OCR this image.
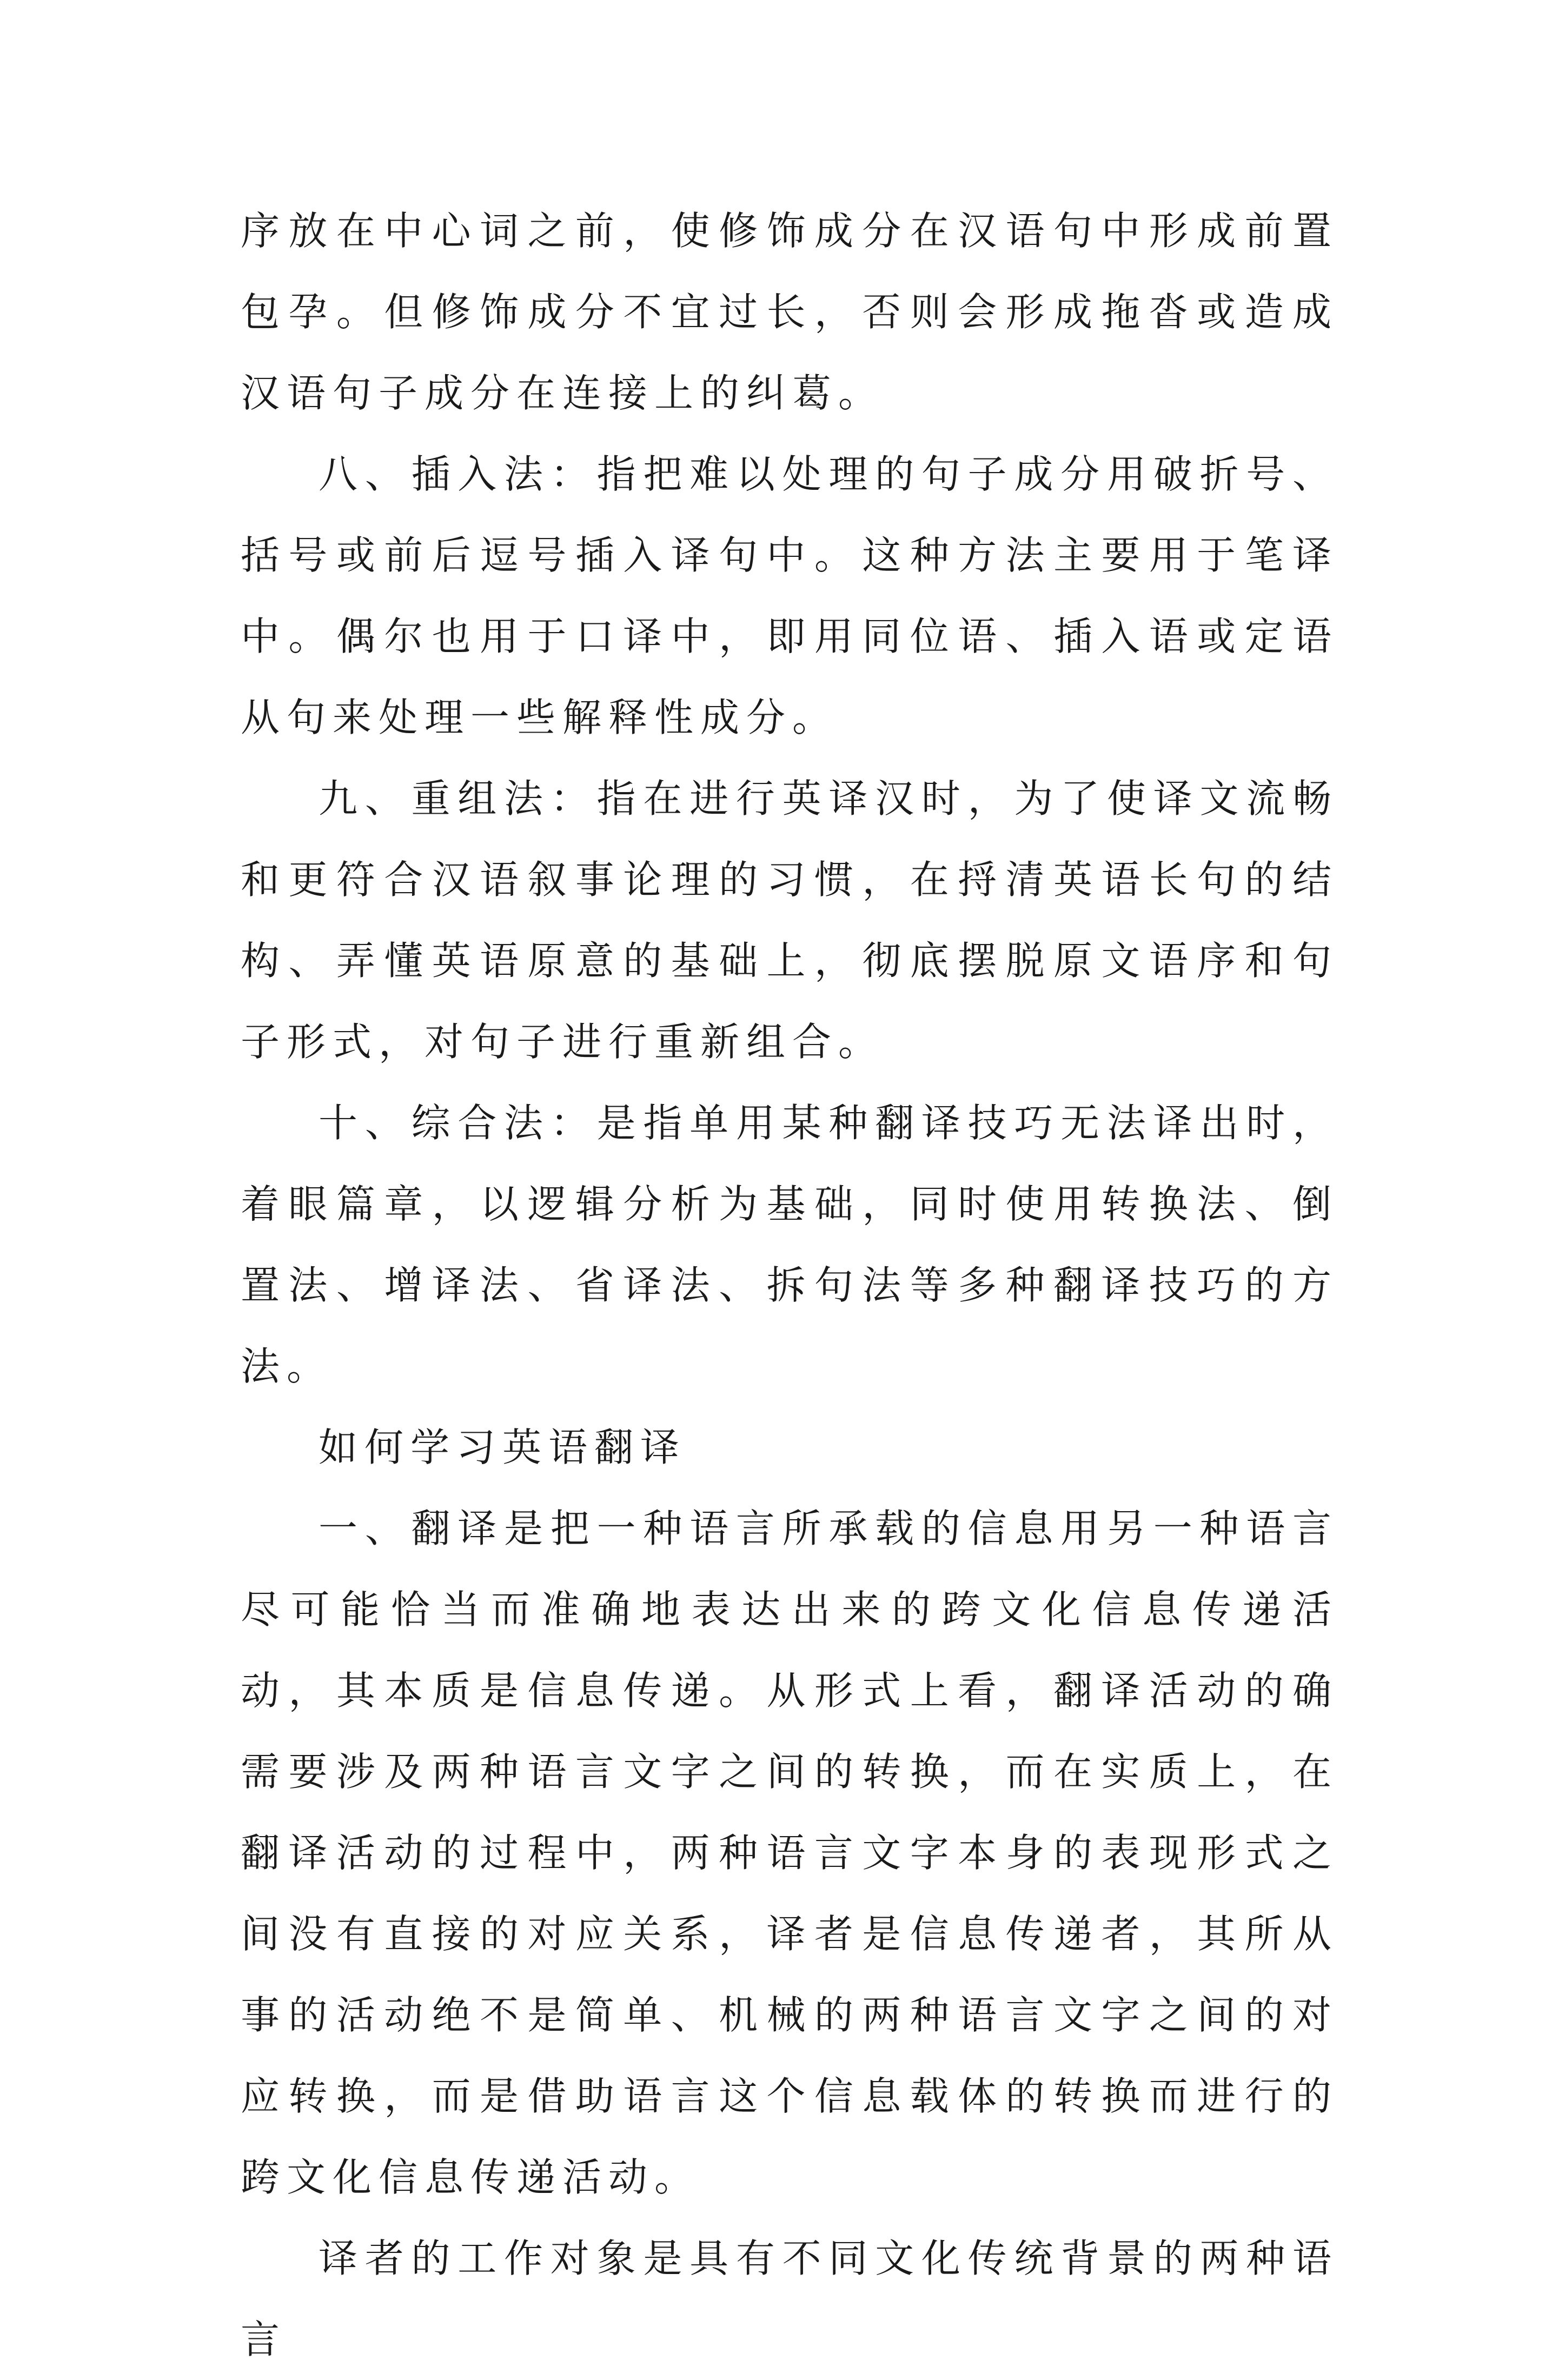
序放在中心词之前，使修饰成分在汉语句中形成前置包孕。但修饰成分不宜过长，否则会形成拖沓或造成汉语句子成分在连接上的纠葛。

八、插入法：指把难以处理的句子成分用破折号、括号或前后逗号插入译句中。这种方法主要用于笔译中。偶尔也用于口译中，即用同位语、插入语或定语从句来处理一些解释性成分。

九、重组法：指在进行英译汉时，为了使译文流畅和更符合汉语叙事论理的习惯，在捋清英语长句的结构、弄懂英语原意的基础上，彻底摆脱原文语序和句子形式，对句子进行重新组合。

十、综合法：是指单用某种翻译技巧无法译出时，着眼篇章，以逻辑分析为基础，同时使用转换法、倒置法、增译法、省译法、拆句法等多种翻译技巧的方法。

如何学习英语翻译

一、翻译是把一种语言所承载的信息用另一种语言尽可能恰当而准确地表达出来的跨文化信息传递活动，其本质是信息传递。从形式上看，翻译活动的确需要涉及两种语言文字之间的转换，而在实质上，在翻译活动的过程中，两种语言文字本身的表现形式之间没有直接的对应关系，译者是信息传递者，其所从事的活动绝不是简单、机械的两种语言文字之间的对应转换，而是借助语言这个信息载体的转换而进行的跨文化信息传递活动。

译者的工作对象是具有不同文化传统背景的两种语言
